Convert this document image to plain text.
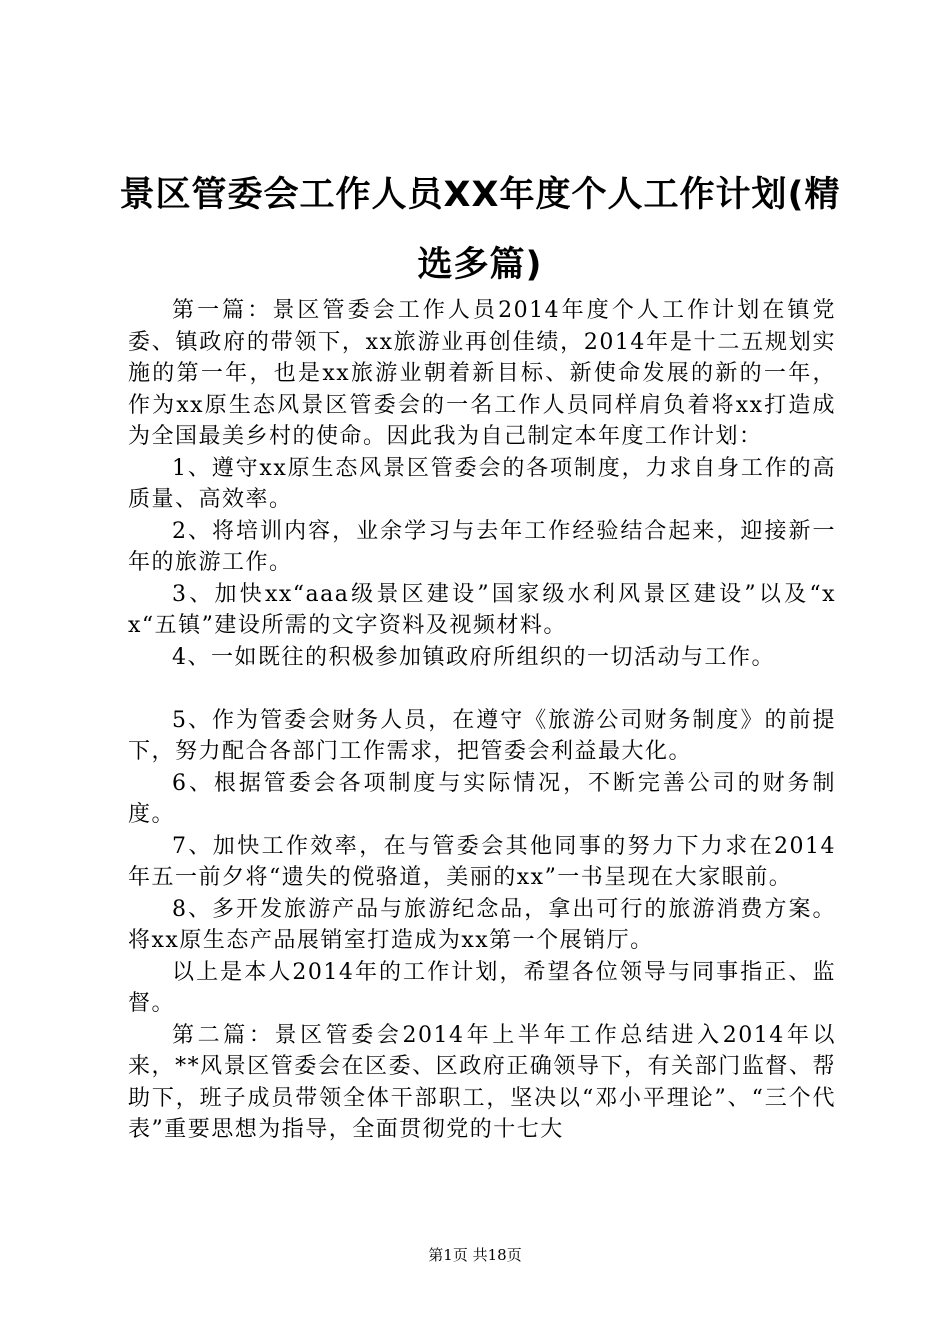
景区管委会工作人员XX年度个人工作计划(精选多篇)

第一篇：景区管委会工作人员2014年度个人工作计划在镇党委、镇政府的带领下，xx旅游业再创佳绩，2014年是十二五规划实施的第一年，也是xx旅游业朝着新目标、新使命发展的新的一年，作为xx原生态风景区管委会的一名工作人员同样肩负着将xx打造成为全国最美乡村的使命。因此我为自己制定本年度工作计划：

1、遵守xx原生态风景区管委会的各项制度，力求自身工作的高质量、高效率。

2、将培训内容，业余学习与去年工作经验结合起来，迎接新一年的旅游工作。

3、加快xx“aaa级景区建设”国家级水利风景区建设”以及“xx“五镇”建设所需的文字资料及视频材料。

4、一如既往的积极参加镇政府所组织的一切活动与工作。

5、作为管委会财务人员，在遵守《旅游公司财务制度》的前提下，努力配合各部门工作需求，把管委会利益最大化。

6、根据管委会各项制度与实际情况，不断完善公司的财务制度。

7、加快工作效率，在与管委会其他同事的努力下力求在2014年五一前夕将“遗失的傥骆道，美丽的xx”一书呈现在大家眼前。

8、多开发旅游产品与旅游纪念品，拿出可行的旅游消费方案。将xx原生态产品展销室打造成为xx第一个展销厅。

以上是本人2014年的工作计划，希望各位领导与同事指正、监督。

第二篇：景区管委会2014年上半年工作总结进入2014年以来，**风景区管委会在区委、区政府正确领导下，有关部门监督、帮助下，班子成员带领全体干部职工，坚决以“邓小平理论”、“三个代表”重要思想为指导，全面贯彻党的十七大

第1页 共18页
